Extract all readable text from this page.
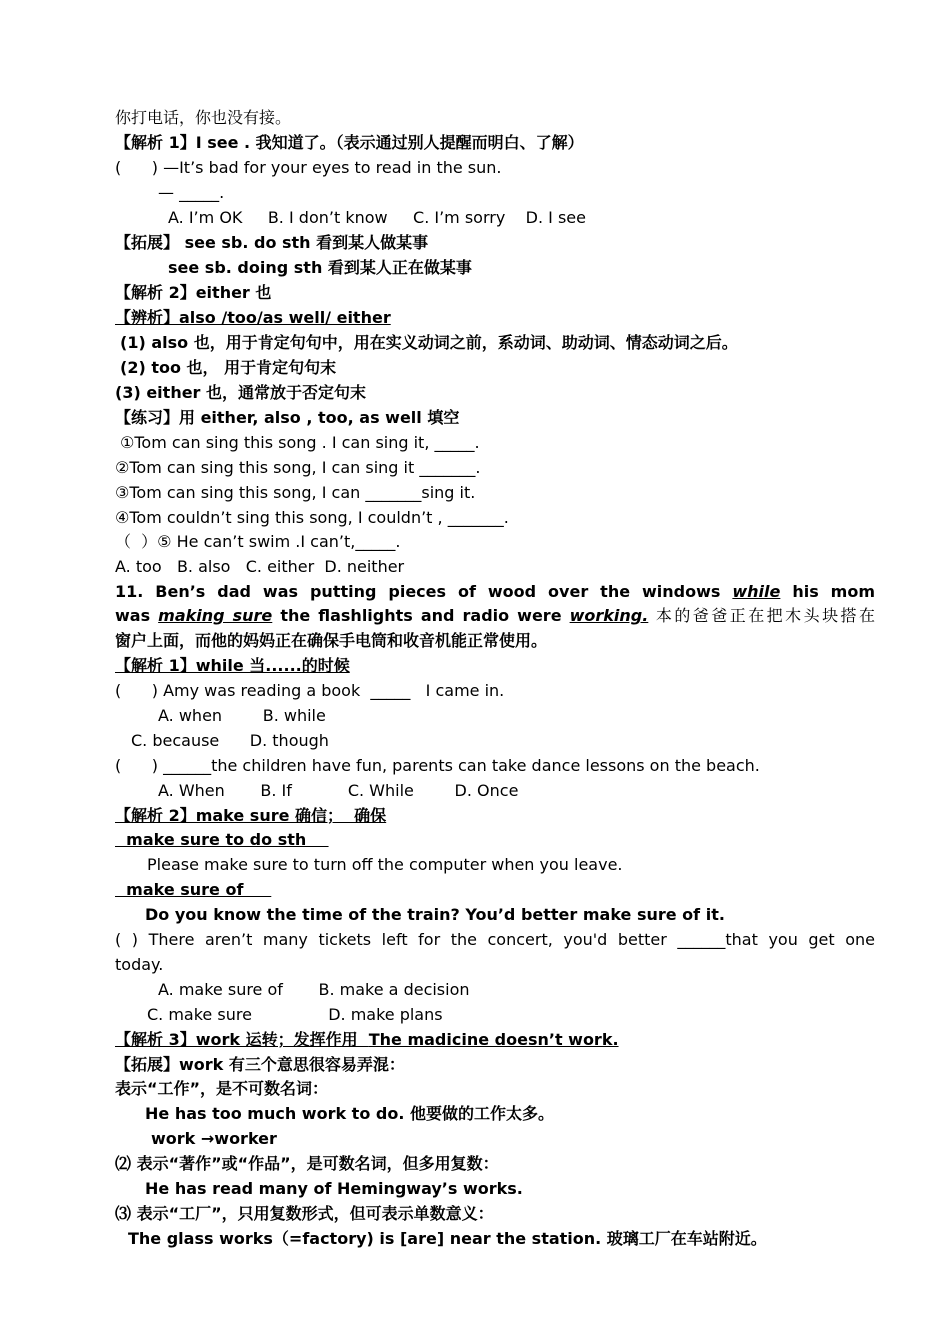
你打电话，你也没有接。
【解析 1】I see . 我知道了。（表示通过别人提醒而明白、了解）
(      ) —It’s bad for your eyes to read in the sun.
— _____.
A. I’m OK     B. I don’t know     C. I’m sorry    D. I see
【拓展】 see sb. do sth 看到某人做某事
see sb. doing sth 看到某人正在做某事
【解析 2】either 也
【辨析】also /too/as well/ either
(1) also 也，用于肯定句句中，用在实义动词之前，系动词、助动词、情态动词之后。
(2) too 也， 用于肯定句句末
(3) either 也，通常放于否定句末
【练习】用 either, also , too, as well 填空
①Tom can sing this song . I can sing it, _____.
②Tom can sing this song, I can sing it _______.
③Tom can sing this song, I can _______sing it.
④Tom couldn’t sing this song, I couldn’t , _______.
（  ）⑤ He can’t swim .I can’t,_____.
A. too   B. also   C. either  D. neither
11. Ben’s dad was putting pieces of wood over the windows while his mom
was making sure the flashlights and radio were working. 本的爸爸正在把木头块搭在
窗户上面，而他的妈妈正在确保手电筒和收音机能正常使用。
【解析 1】while 当......的时候
(      ) Amy was reading a book  _____   I came in.
A. when        B. while
C. because      D. though
(      ) ______the children have fun, parents can take dance lessons on the beach.
A. When       B. If           C. While        D. Once
【解析 2】make sure 确信；  确保
make sure to do sth
Please make sure to turn off the computer when you leave.
make sure of
Do you know the time of the train? You’d better make sure of it.
( ) There aren’t many tickets left for the concert, you'd better ______that you get one
today.
A. make sure of       B. make a decision
C. make sure               D. make plans
【解析 3】work 运转；发挥作用  The madicine doesn’t work.
【拓展】work 有三个意思很容易弄混：
表示“工作”，是不可数名词：
He has too much work to do. 他要做的工作太多。
work →worker
⑵ 表示“著作”或“作品”，是可数名词，但多用复数：
He has read many of Hemingway’s works.
⑶ 表示“工厂”，只用复数形式，但可表示单数意义：
The glass works（=factory) is [are] near the station. 玻璃工厂在车站附近。
